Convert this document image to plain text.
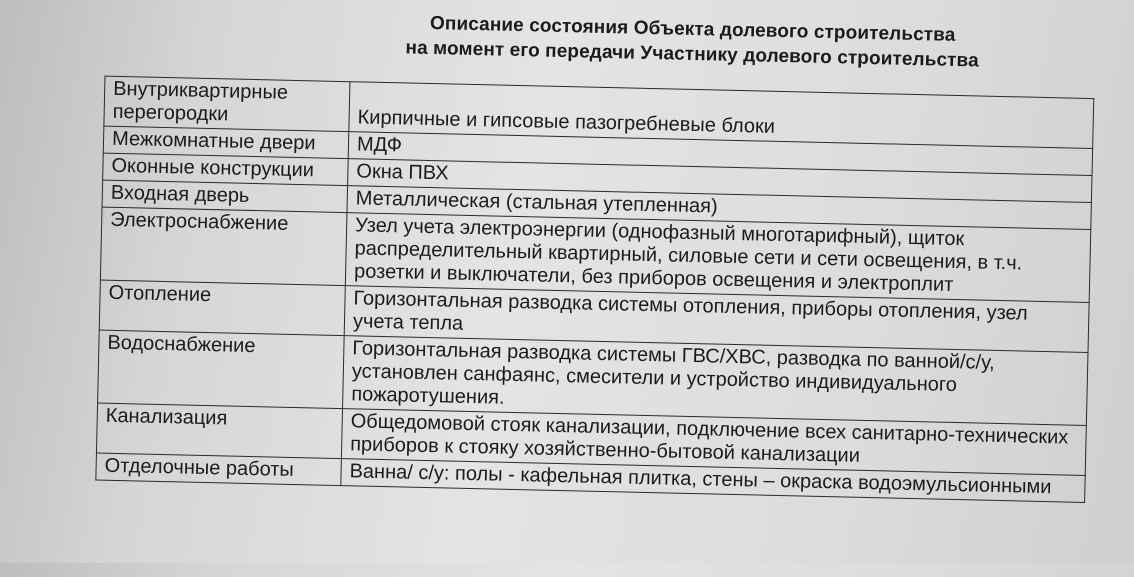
Описание состояния Объекта долевого строительства
на момент его передачи Участнику долевого строительства
Внутриквартирные перегородки	Кирпичные и гипсовые пазогребневые блоки
Межкомнатные двери	МДФ
Оконные конструкции	Окна ПВХ
Входная дверь	Металлическая (стальная утепленная)
Электроснабжение	Узел учета электроэнергии (однофазный многотарифный), щиток распределительный квартирный, силовые сети и сети освещения, в т.ч. розетки и выключатели, без приборов освещения и электроплит
Отопление	Горизонтальная разводка системы отопления, приборы отопления, узел учета тепла
Водоснабжение	Горизонтальная разводка системы ГВС/ХВС, разводка по ванной/с/у, установлен санфаянс, смесители и устройство индивидуального пожаротушения.
Канализация	Общедомовой стояк канализации, подключение всех санитарно-технических приборов к стояку хозяйственно-бытовой канализации
Отделочные работы	Ванна/ с/у: полы - кафельная плитка, стены – окраска водоэмульсионными
